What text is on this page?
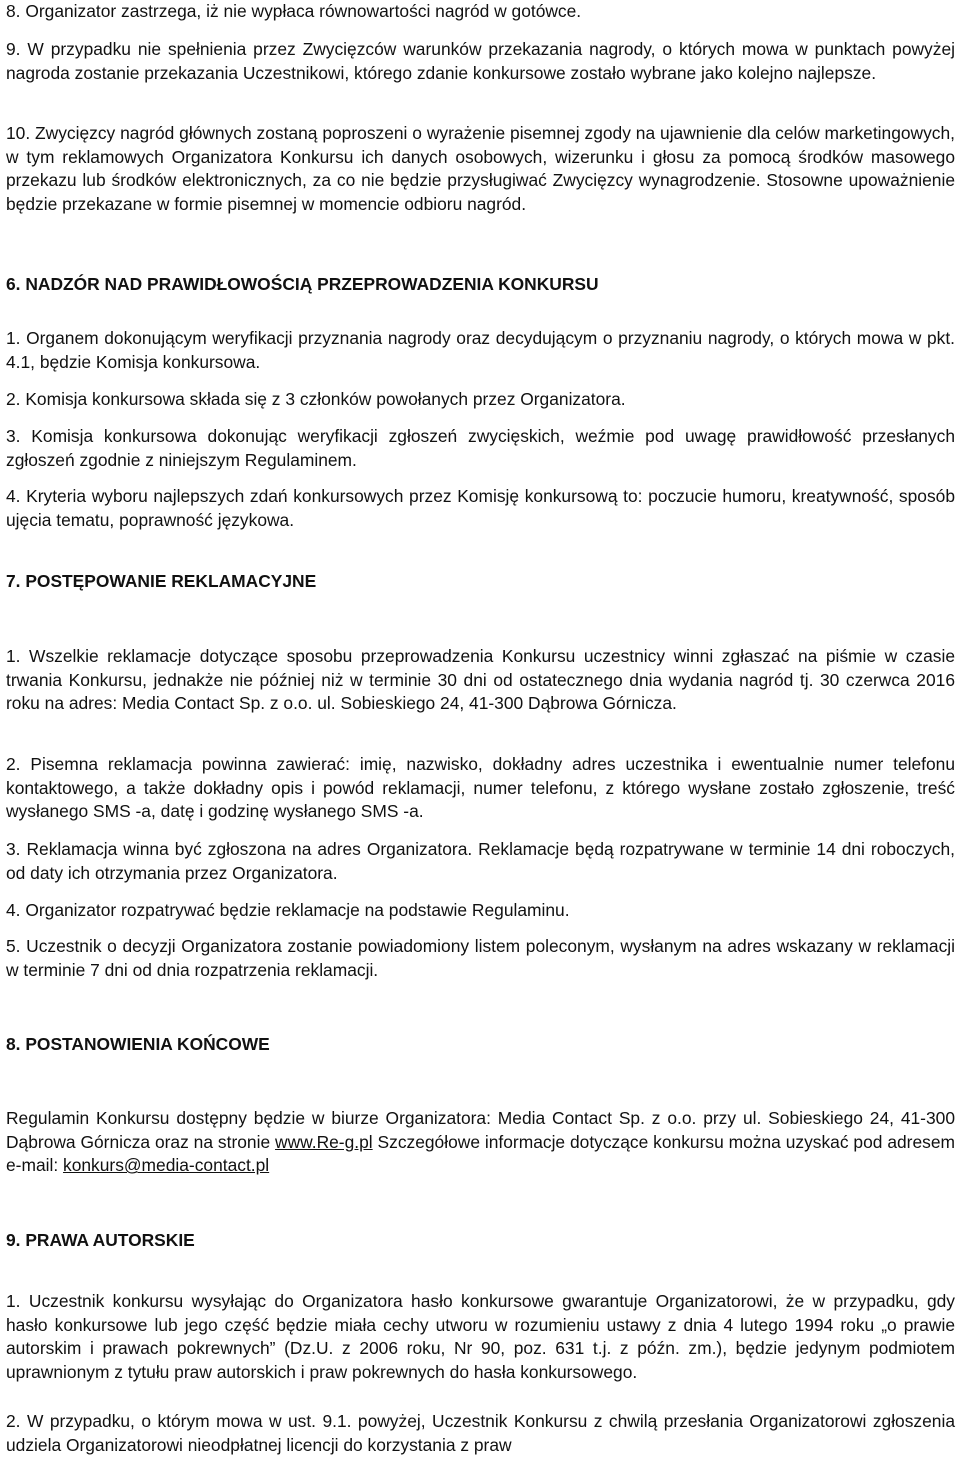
8. Organizator zastrzega, iż nie wypłaca równowartości nagród w gotówce.

9. W przypadku nie spełnienia przez Zwycięzców warunków przekazania nagrody, o których mowa w punktach powyżej nagroda zostanie przekazania Uczestnikowi, którego zdanie konkursowe zostało wybrane jako kolejno najlepsze.

10. Zwycięzcy nagród głównych zostaną poproszeni o wyrażenie pisemnej zgody na ujawnienie dla celów marketingowych, w tym reklamowych Organizatora Konkursu ich danych osobowych, wizerunku i głosu za pomocą środków masowego przekazu lub środków elektronicznych, za co nie będzie przysługiwać Zwycięzcy wynagrodzenie. Stosowne upoważnienie będzie przekazane w formie pisemnej w momencie odbioru nagród.

6. NADZÓR NAD PRAWIDŁOWOŚCIĄ PRZEPROWADZENIA KONKURSU

1. Organem dokonującym weryfikacji przyznania nagrody oraz decydującym o przyznaniu nagrody, o których mowa w pkt. 4.1, będzie Komisja konkursowa.

2. Komisja konkursowa składa się z 3 członków powołanych przez Organizatora.

3. Komisja konkursowa dokonując weryfikacji zgłoszeń zwycięskich, weźmie pod uwagę prawidłowość przesłanych zgłoszeń zgodnie z niniejszym Regulaminem.

4. Kryteria wyboru najlepszych zdań konkursowych przez Komisję konkursową to: poczucie humoru, kreatywność, sposób ujęcia tematu, poprawność językowa.

7. POSTĘPOWANIE REKLAMACYJNE

1. Wszelkie reklamacje dotyczące sposobu przeprowadzenia Konkursu uczestnicy winni zgłaszać na piśmie w czasie trwania Konkursu, jednakże nie później niż w terminie 30 dni od ostatecznego dnia wydania nagród tj. 30 czerwca 2016 roku na adres: Media Contact Sp. z o.o. ul. Sobieskiego 24, 41-300 Dąbrowa Górnicza.

2. Pisemna reklamacja powinna zawierać: imię, nazwisko, dokładny adres uczestnika i ewentualnie numer telefonu kontaktowego, a także dokładny opis i powód reklamacji, numer telefonu, z którego wysłane zostało zgłoszenie, treść wysłanego SMS -a, datę i godzinę wysłanego SMS -a.

3. Reklamacja winna być zgłoszona na adres Organizatora. Reklamacje będą rozpatrywane w terminie 14 dni roboczych, od daty ich otrzymania przez Organizatora.

4. Organizator rozpatrywać będzie reklamacje na podstawie Regulaminu.

5. Uczestnik o decyzji Organizatora zostanie powiadomiony listem poleconym, wysłanym na adres wskazany w reklamacji w terminie 7 dni od dnia rozpatrzenia reklamacji.

8. POSTANOWIENIA KOŃCOWE

Regulamin Konkursu dostępny będzie w biurze Organizatora: Media Contact Sp. z o.o. przy ul. Sobieskiego 24, 41-300 Dąbrowa Górnicza oraz na stronie www.Re-g.pl Szczegółowe informacje dotyczące konkursu można uzyskać pod adresem e-mail: konkurs@media-contact.pl

9. PRAWA AUTORSKIE

1. Uczestnik konkursu wysyłając do Organizatora hasło konkursowe gwarantuje Organizatorowi, że w przypadku, gdy hasło konkursowe lub jego część będzie miała cechy utworu w rozumieniu ustawy z dnia 4 lutego 1994 roku „o prawie autorskim i prawach pokrewnych” (Dz.U. z 2006 roku, Nr 90, poz. 631 t.j. z późn. zm.), będzie jedynym podmiotem uprawnionym z tytułu praw autorskich i praw pokrewnych do hasła konkursowego.

2. W przypadku, o którym mowa w ust. 9.1. powyżej, Uczestnik Konkursu z chwilą przesłania Organizatorowi zgłoszenia udziela Organizatorowi nieodpłatnej licencji do korzystania z praw
